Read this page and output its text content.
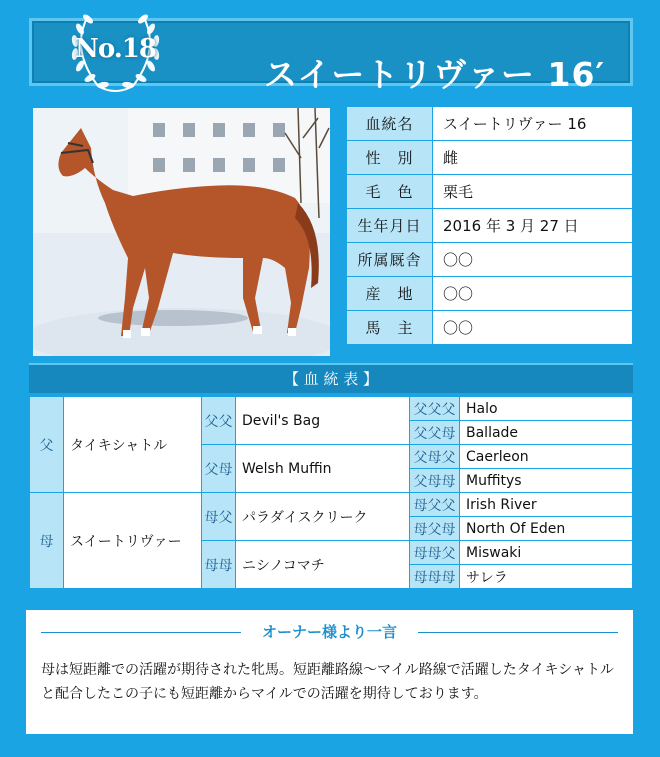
スイートリヴァー 16′
No.18
血統名	スイートリヴァー 16
性　別	雌
毛　色	栗毛
生年月日	2016 年 3 月 27 日
所属厩舎	〇〇
産　地	〇〇
馬　主	〇〇
【 血 統 表 】
父	タイキシャトル	父父	Devil's Bag	父父父	Halo
				父父母	Ballade
		父母	Welsh Muffin	父母父	Caerleon
				父母母	Muffitys
母	スイートリヴァー	母父	パラダイスクリーク	母父父	Irish River
				母父母	North Of Eden
		母母	ニシノコマチ	母母父	Miswaki
				母母母	サレラ
オーナー様より一言
母は短距離での活躍が期待された牝馬。短距離路線～マイル路線で活躍したタイキシャトル
と配合したこの子にも短距離からマイルでの活躍を期待しております。
